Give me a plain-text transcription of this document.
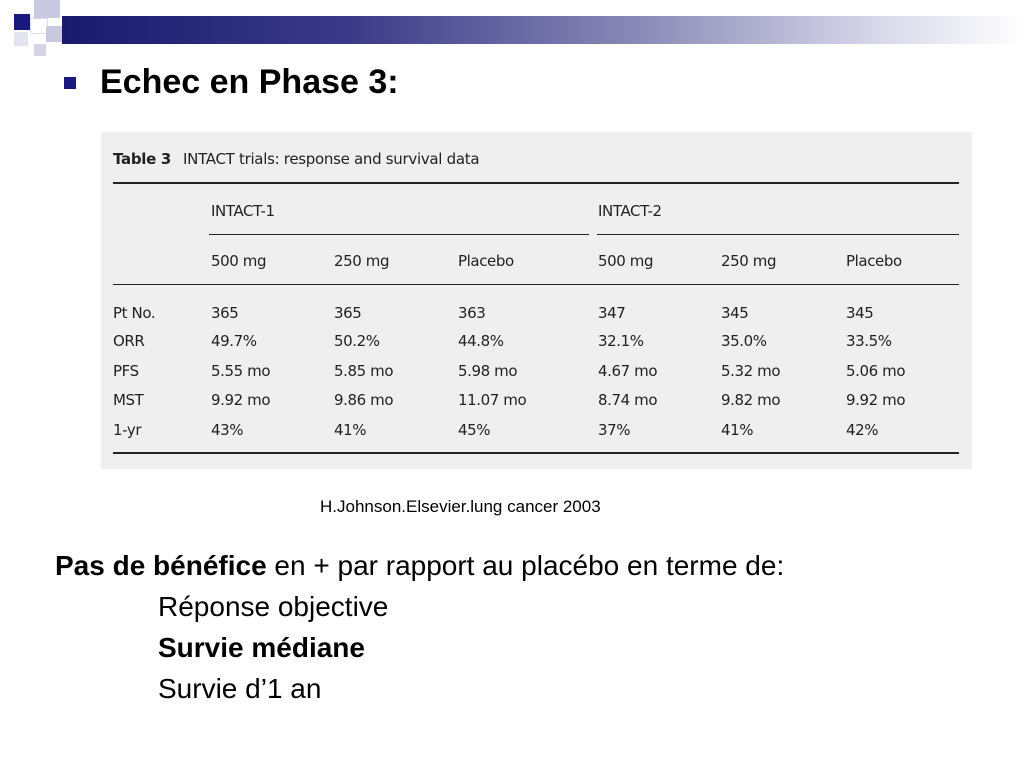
Echec en Phase 3:
Table 3 INTACT trials: response and survival data
INTACT-1	INTACT-2
500 mg	250 mg	Placebo	500 mg	250 mg	Placebo
Pt No.	365	365	363	347	345	345
ORR	49.7%	50.2%	44.8%	32.1%	35.0%	33.5%
PFS	5.55 mo	5.85 mo	5.98 mo	4.67 mo	5.32 mo	5.06 mo
MST	9.92 mo	9.86 mo	11.07 mo	8.74 mo	9.82 mo	9.92 mo
1-yr	43%	41%	45%	37%	41%	42%
H.Johnson.Elsevier.lung cancer 2003
Pas de bénéfice en + par rapport au placébo en terme de:
Réponse objective
Survie médiane
Survie d’1 an
